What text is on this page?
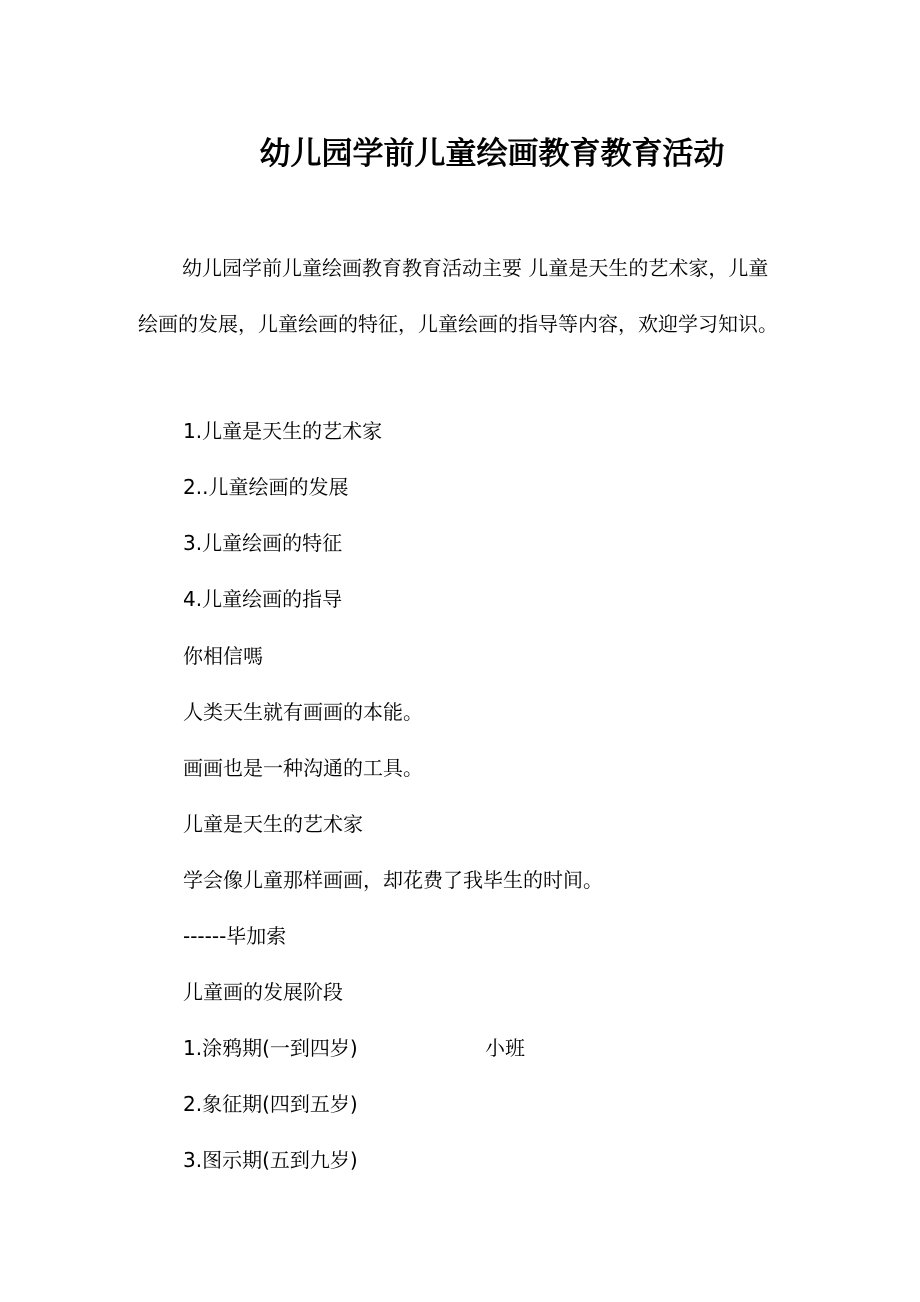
幼儿园学前儿童绘画教育教育活动

幼儿园学前儿童绘画教育教育活动主要 儿童是天生的艺术家，儿童绘画的发展，儿童绘画的特征，儿童绘画的指导等内容，欢迎学习知识。

1.儿童是天生的艺术家

2..儿童绘画的发展

3.儿童绘画的特征

4.儿童绘画的指导

你相信嗎

人类天生就有画画的本能。

画画也是一种沟通的工具。

儿童是天生的艺术家

学会像儿童那样画画，却花费了我毕生的时间。

------毕加索

儿童画的发展阶段

1.涂鸦期(一到四岁)	小班

2.象征期(四到五岁)

3.图示期(五到九岁)
